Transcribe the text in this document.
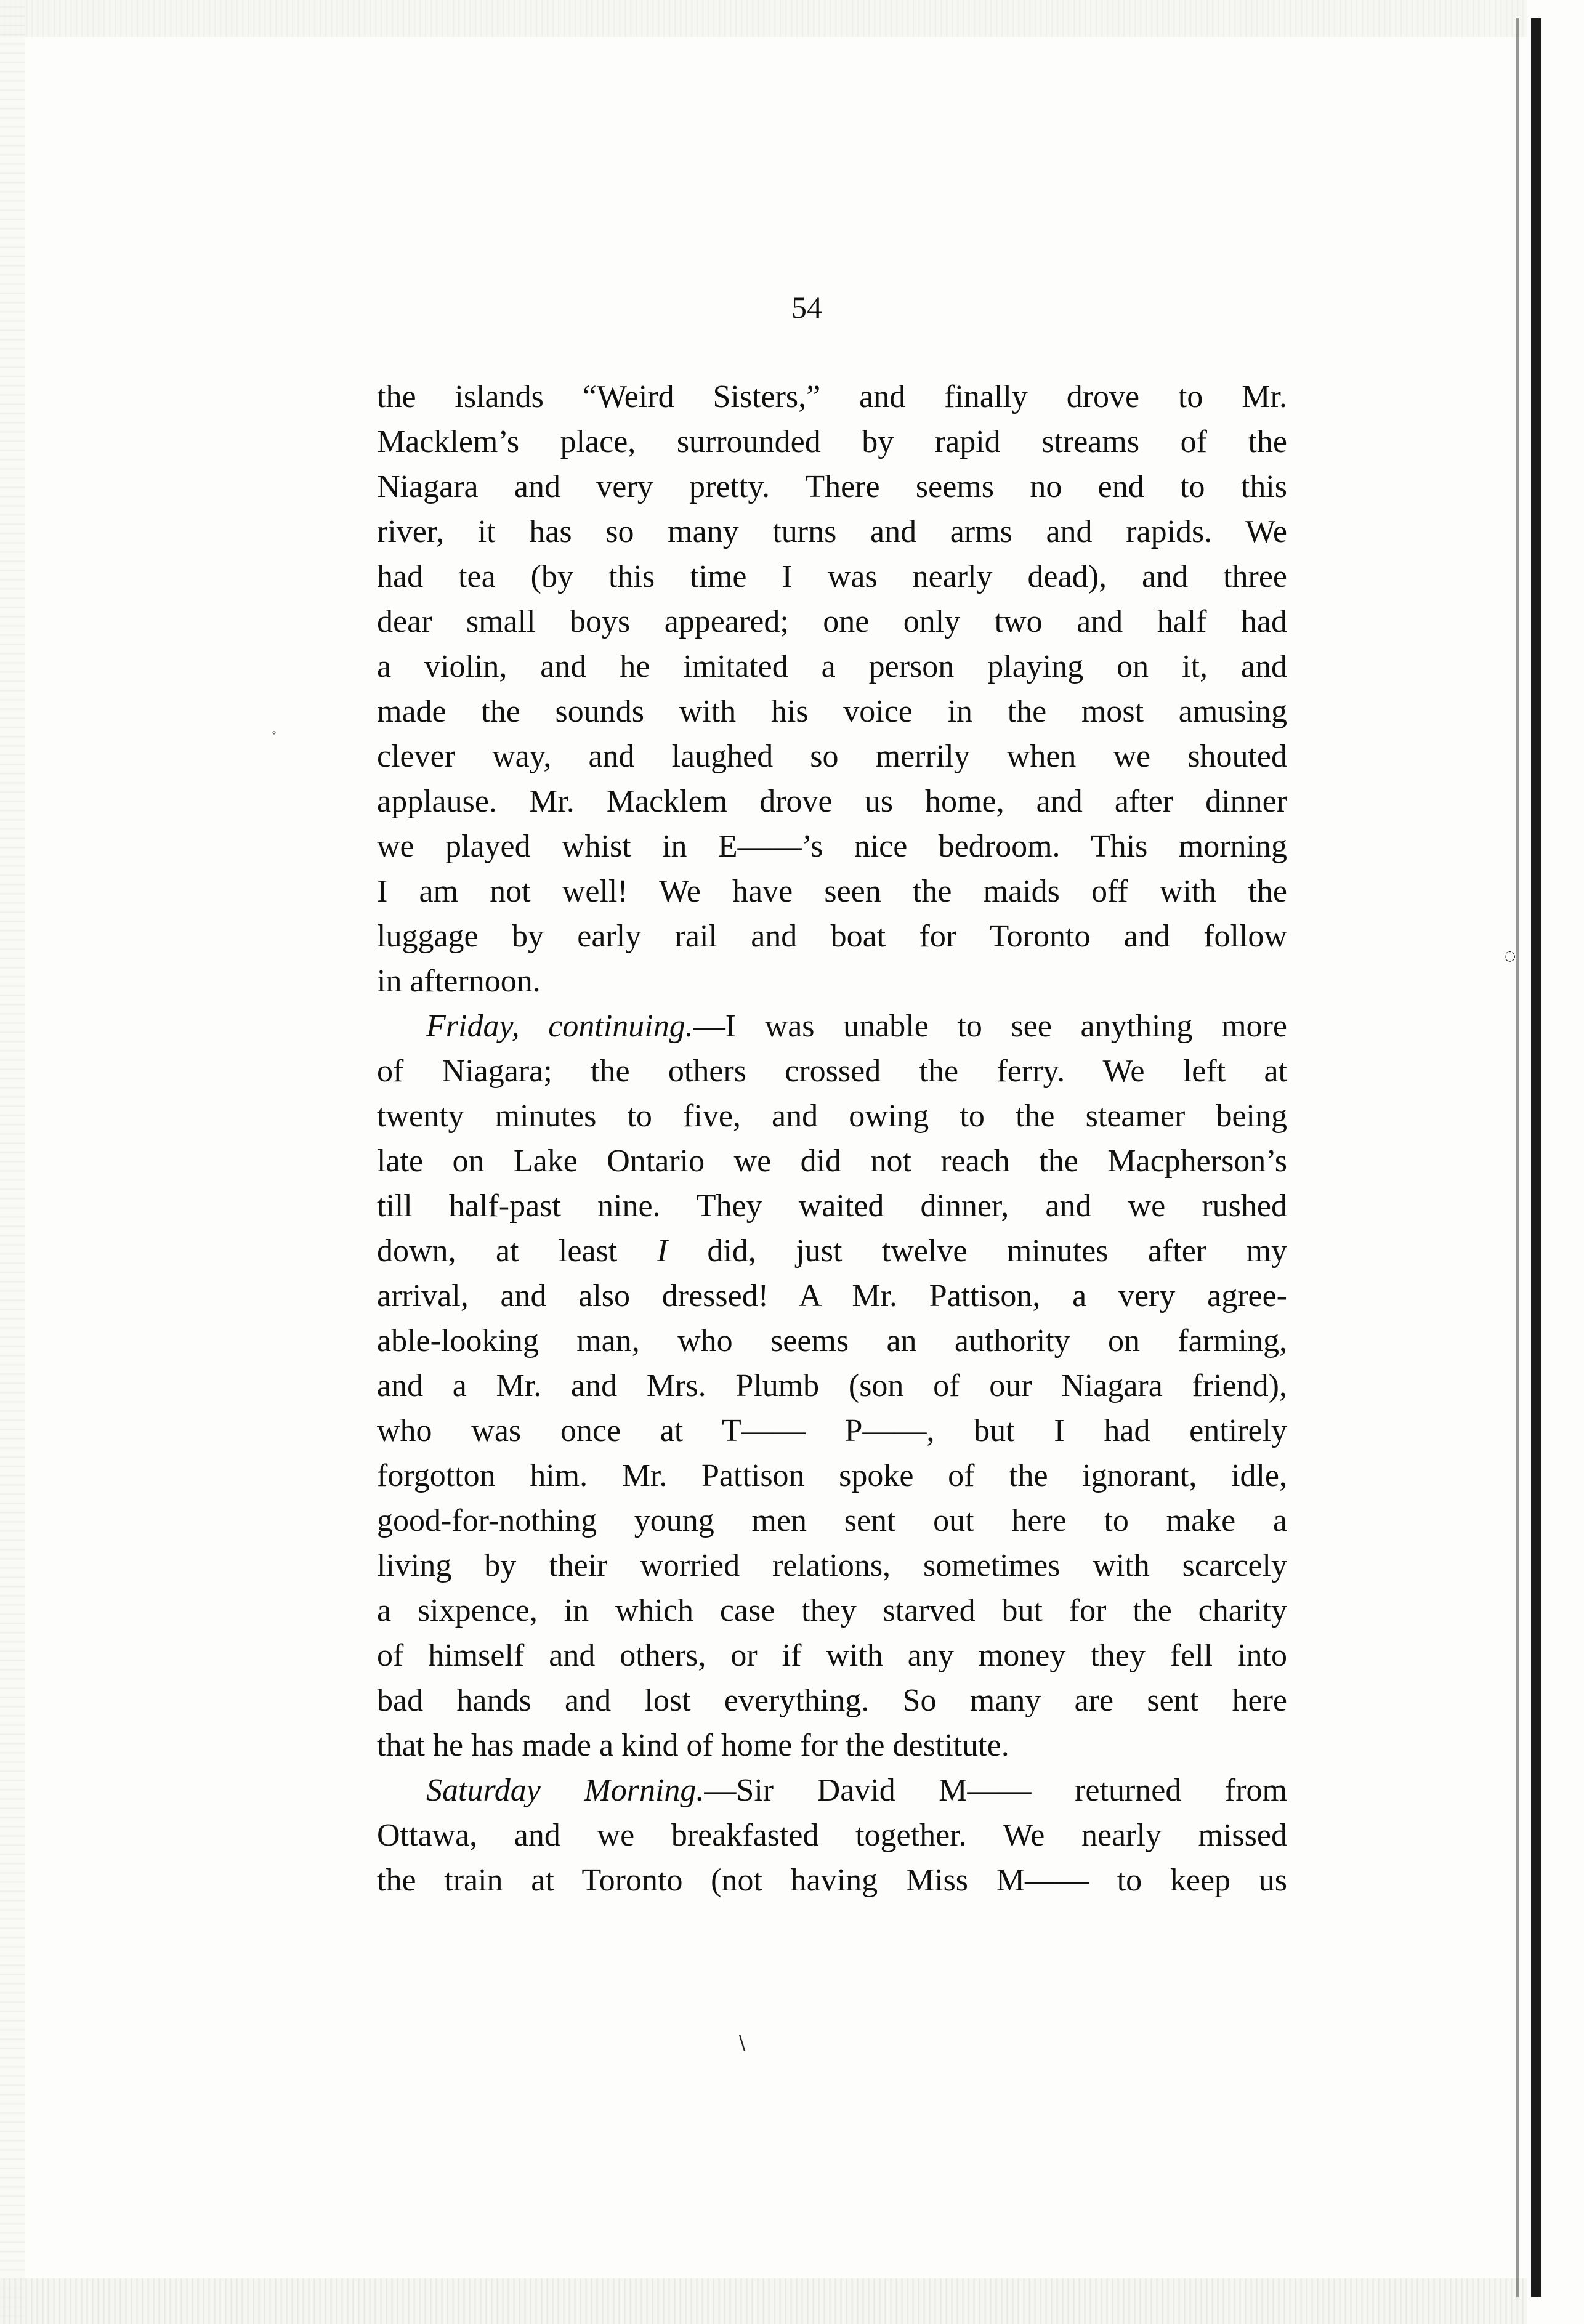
54
the islands “Weird Sisters,” and finally drove to Mr.
Macklem’s place, surrounded by rapid streams of the
Niagara and very pretty. There seems no end to this
river, it has so many turns and arms and rapids. We
had tea (by this time I was nearly dead), and three
dear small boys appeared; one only two and half had
a violin, and he imitated a person playing on it, and
made the sounds with his voice in the most amusing
clever way, and laughed so merrily when we shouted
applause. Mr. Macklem drove us home, and after dinner
we played whist in E——’s nice bedroom. This morning
I am not well! We have seen the maids off with the
luggage by early rail and boat for Toronto and follow
in afternoon.
Friday, continuing.—I was unable to see anything more
of Niagara; the others crossed the ferry. We left at
twenty minutes to five, and owing to the steamer being
late on Lake Ontario we did not reach the Macpherson’s
till half-past nine. They waited dinner, and we rushed
down, at least I did, just twelve minutes after my
arrival, and also dressed! A Mr. Pattison, a very agree-
able-looking man, who seems an authority on farming,
and a Mr. and Mrs. Plumb (son of our Niagara friend),
who was once at T—— P——, but I had entirely
forgotton him. Mr. Pattison spoke of the ignorant, idle,
good-for-nothing young men sent out here to make a
living by their worried relations, sometimes with scarcely
a sixpence, in which case they starved but for the charity
of himself and others, or if with any money they fell into
bad hands and lost everything. So many are sent here
that he has made a kind of home for the destitute.
Saturday Morning.—Sir David M—— returned from
Ottawa, and we breakfasted together. We nearly missed
the train at Toronto (not having Miss M—— to keep us
◌
∘
\
